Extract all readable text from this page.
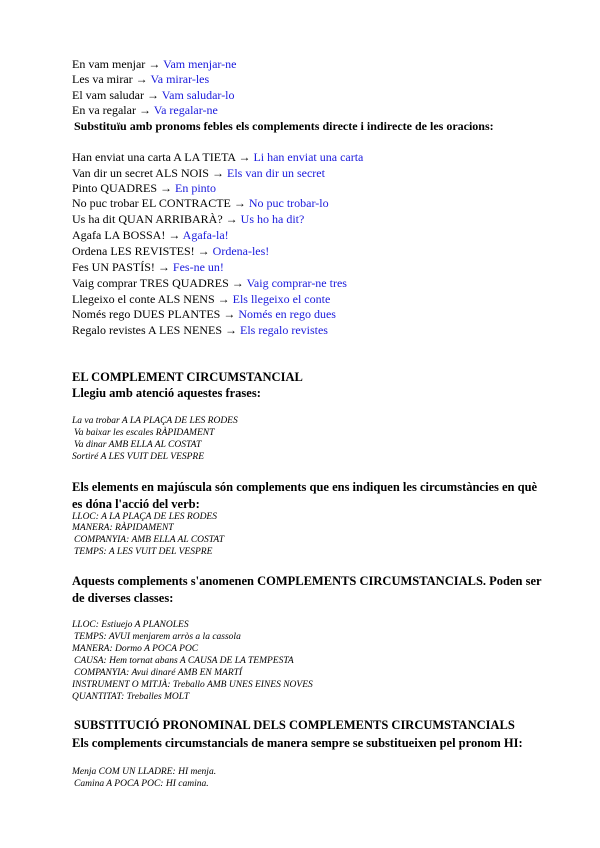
En vam menjar → Vam menjar-ne
Les va mirar → Va mirar-les
El vam saludar → Vam saludar-lo
En va regalar → Va regalar-ne
Substituïu amb pronoms febles els complements directe i indirecte de les oracions:
Han enviat una carta A LA TIETA → Li han enviat una carta
Van dir un secret ALS NOIS → Els van dir un secret
Pinto QUADRES → En pinto
No puc trobar EL CONTRACTE → No puc trobar-lo
Us ha dit QUAN ARRIBARÀ? → Us ho ha dit?
Agafa LA BOSSA! → Agafa-la!
Ordena LES REVISTES! → Ordena-les!
Fes UN PASTÍS! → Fes-ne un!
Vaig comprar TRES QUADRES → Vaig comprar-ne tres
Llegeixo el conte ALS NENS → Els llegeixo el conte
Només rego DUES PLANTES → Només en rego dues
Regalo revistes A LES NENES → Els regalo revistes
EL COMPLEMENT CIRCUMSTANCIAL
Llegiu amb atenció aquestes frases:
La va trobar A LA PLAÇA DE LES RODES
Va baixar les escales RÀPIDAMENT
Va dinar AMB ELLA AL COSTAT
Sortiré A LES VUIT DEL VESPRE
Els elements en majúscula són complements que ens indiquen les circumstàncies en què es dóna l'acció del verb:
LLOC: A LA PLAÇA DE LES RODES
MANERA: RÀPIDAMENT
COMPANYIA: AMB ELLA AL COSTAT
TEMPS: A LES VUIT DEL VESPRE
Aquests complements s'anomenen COMPLEMENTS CIRCUMSTANCIALS. Poden ser de diverses classes:
LLOC: Estiuejo A PLANOLES
TEMPS: AVUI menjarem arròs a la cassola
MANERA: Dormo A POCA POC
CAUSA: Hem tornat abans A CAUSA DE LA TEMPESTA
COMPANYIA: Avui dinaré AMB EN MARTÍ
INSTRUMENT O MITJÀ: Treballo AMB UNES EINES NOVES
QUANTITAT: Treballes MOLT
SUBSTITUCIÓ PRONOMINAL DELS COMPLEMENTS CIRCUMSTANCIALS
Els complements circumstancials de manera sempre se substitueixen pel pronom HI:
Menja COM UN LLADRE: HI menja.
Camina A POCA POC: HI camina.
